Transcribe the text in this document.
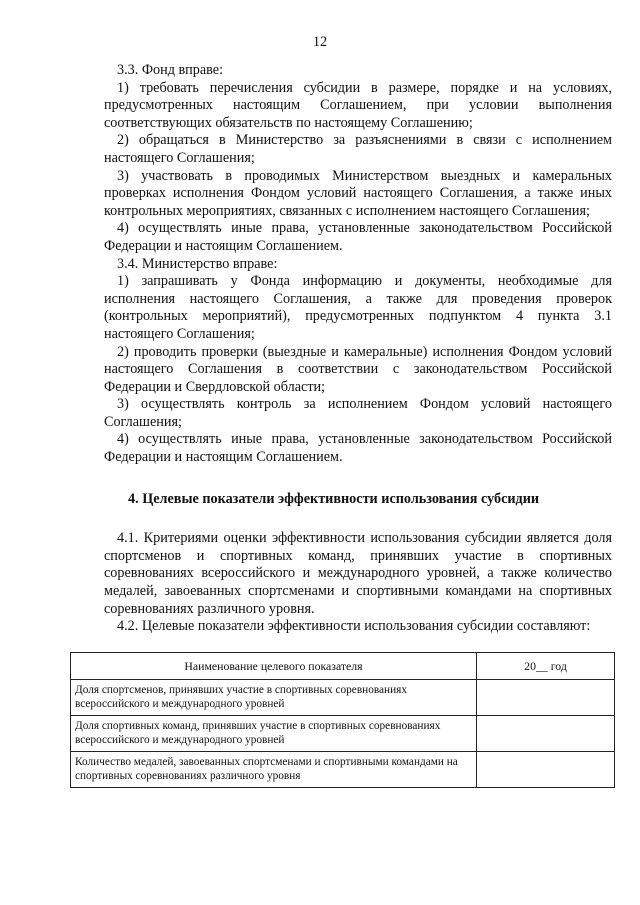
12

3.3. Фонд вправе:

1) требовать перечисления субсидии в размере, порядке и на условиях, предусмотренных настоящим Соглашением, при условии выполнения соответствующих обязательств по настоящему Соглашению;

2) обращаться в Министерство за разъяснениями в связи с исполнением настоящего Соглашения;

3) участвовать в проводимых Министерством выездных и камеральных проверках исполнения Фондом условий настоящего Соглашения, а также иных контрольных мероприятиях, связанных с исполнением настоящего Соглашения;

4) осуществлять иные права, установленные законодательством Российской Федерации и настоящим Соглашением.

3.4. Министерство вправе:

1) запрашивать у Фонда информацию и документы, необходимые для исполнения настоящего Соглашения, а также для проведения проверок (контрольных мероприятий), предусмотренных подпунктом 4 пункта 3.1 настоящего Соглашения;

2) проводить проверки (выездные и камеральные) исполнения Фондом условий настоящего Соглашения в соответствии с законодательством Российской Федерации и Свердловской области;

3) осуществлять контроль за исполнением Фондом условий настоящего Соглашения;

4) осуществлять иные права, установленные законодательством Российской Федерации и настоящим Соглашением.

4. Целевые показатели эффективности использования субсидии

4.1. Критериями оценки эффективности использования субсидии является доля спортсменов и спортивных команд, принявших участие в спортивных соревнованиях всероссийского и международного уровней, а также количество медалей, завоеванных спортсменами и спортивными командами на спортивных соревнованиях различного уровня.

4.2. Целевые показатели эффективности использования субсидии составляют:

Наименование целевого показателя	20__ год
Доля спортсменов, принявших участие в спортивных соревнованиях всероссийского и международного уровней	
Доля спортивных команд, принявших участие в спортивных соревнованиях всероссийского и международного уровней	
Количество медалей, завоеванных спортсменами и спортивными командами на спортивных соревнованиях различного уровня	
